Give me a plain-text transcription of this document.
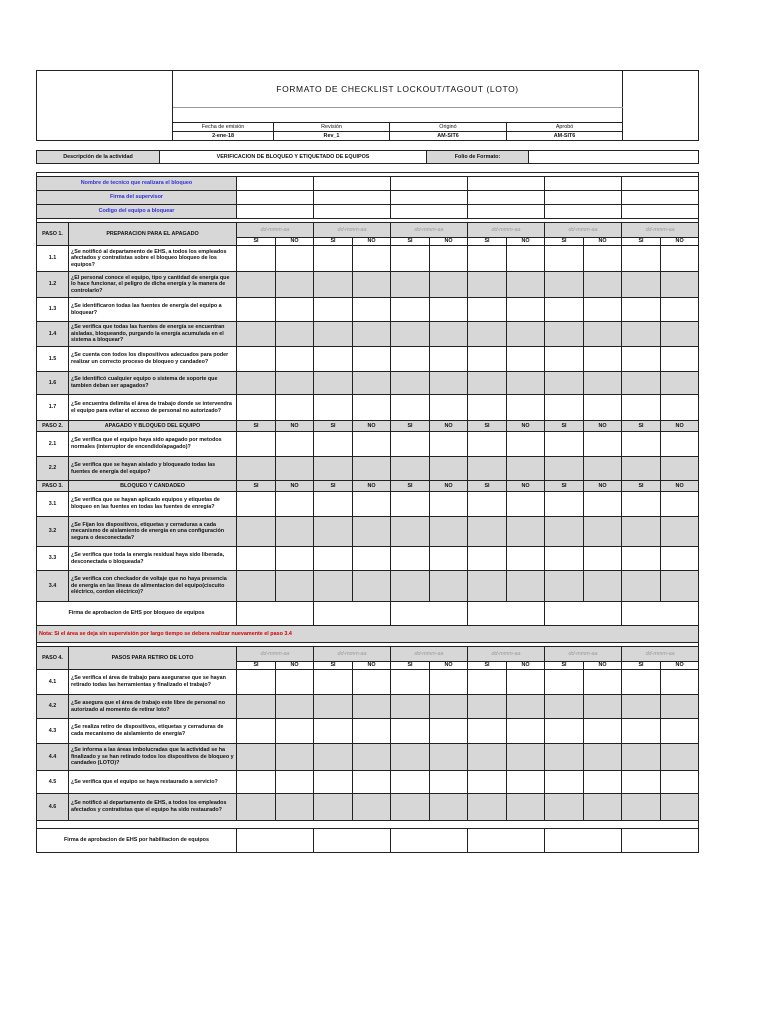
	FORMATO DE CHECKLIST LOCKOUT/TAGOUT (LOTO)				

	Fecha de emisión	Revisión	Originó	Aprobó	
	2-ene-18	Rev_1	AM-SIT6	AM-SIT6	
Descripción de la actividad	VERIFICACION DE BLOQUEO Y ETIQUETADO DE EQUIPOS	Folio de Formato:	

Nombre de tecnico que realizara el bloqueo													
Firma del supervisor													
Codigo del equipo a bloquear													

PASO 1.	PREPARACION PARA EL APAGADO	dd-mmm-aa		dd-mmm-aa		dd-mmm-aa		dd-mmm-aa		dd-mmm-aa		dd-mmm-aa	
		SI	NO	SI	NO	SI	NO	SI	NO	SI	NO	SI	NO
1.1	¿Se notificó al departamento de EHS, a todos los empleados afectados y contratistas sobre el bloqueo bloqueo de los equipos?												
1.2	¿El personal conoce el equipo, tipo y cantidad de energía que lo hace funcionar, el peligro de dicha energía y la manera de controlarlo?												
1.3	¿Se identificaron todas las fuentes de energía del equipo a bloquear?												
1.4	¿Se verifica que todas las fuentes de energía se encuentran aisladas, bloqueando, purgando la energía acumulada en el sistema a bloquear?												
1.5	¿Se cuenta con todos los dispositivos adecuados para poder realizar un correcto proceso de bloqueo y candadeo?												
1.6	¿Se identificó cualquier equipo o sistema de soporte que tambien deban ser apagados?												
1.7	¿Se encuentra delimita el área de trabajo donde se intervendra el equipo para evitar el acceso de personal no autorizado?												
PASO 2.	APAGADO Y BLOQUEO DEL EQUIPO	SI	NO	SI	NO	SI	NO	SI	NO	SI	NO	SI	NO
2.1	¿Se verifica que el equipo haya sido apagado por metodos normales (interruptor de encendido/apagado)?												
2.2	¿Se verifica que se hayan aislado y bloqueado todas las fuentes de energía del equipo?												
PASO 3.	BLOQUEO Y CANDADEO	SI	NO	SI	NO	SI	NO	SI	NO	SI	NO	SI	NO
3.1	¿Se verifica que se hayan aplicado equipos y etiquetas de bloqueo en las fuentes en todas las fuentes de enregía?												
3.2	¿Se Fijan los dispositivos, etiquetas y cerraduras a cada mecanismo de aislamiento de energía en una configuración segura o desconectada?												
3.3	¿Se verifica que toda la energía residual haya sido liberada, desconectada o bloqueada?												
3.4	¿Se verifica con checkador de voltaje que no haya presencia de energía en las líneas de alimentacion del equipo(ciscuito eléctrico, cordon eléctrico)?												
Firma de aprobacion de EHS por bloqueo de equipos													
Nota: Si el área se deja sin supervisión por largo tiempo se debera realizar nuevamente el paso 3.4													

PASO 4.	PASOS PARA RETIRO DE LOTO	dd-mmm-aa		dd-mmm-aa		dd-mmm-aa		dd-mmm-aa		dd-mmm-aa		dd-mmm-aa	
		SI	NO	SI	NO	SI	NO	SI	NO	SI	NO	SI	NO
4.1	¿Se verifica el área de trabajo para asegurarse que se hayan retirado todas las herramientas y finalizado el trabajo?												
4.2	¿Se asegura que el área de trabajo este libre de personal no autorizado al momento de retirar loto?												
4.3	¿Se realiza retiro de dispositivos, etiquetas y cerraduras de cada mecanismo de aislamiento de energía?												
4.4	¿Se informa a las áreas imbolucradas que la actividad se ha finalizado y se han retirado todos los dispositivos de bloqueo y candadeo (LOTO)?												
4.5	¿Se verifica que el equipo se haya restaurado a servicio?												
4.6	¿Se notificó al departamento de EHS, a todos los empleados afectados y contratistas que el equipo ha sido restaurado?												

Firma de aprobacion de EHS por habilitacion de equipos													
